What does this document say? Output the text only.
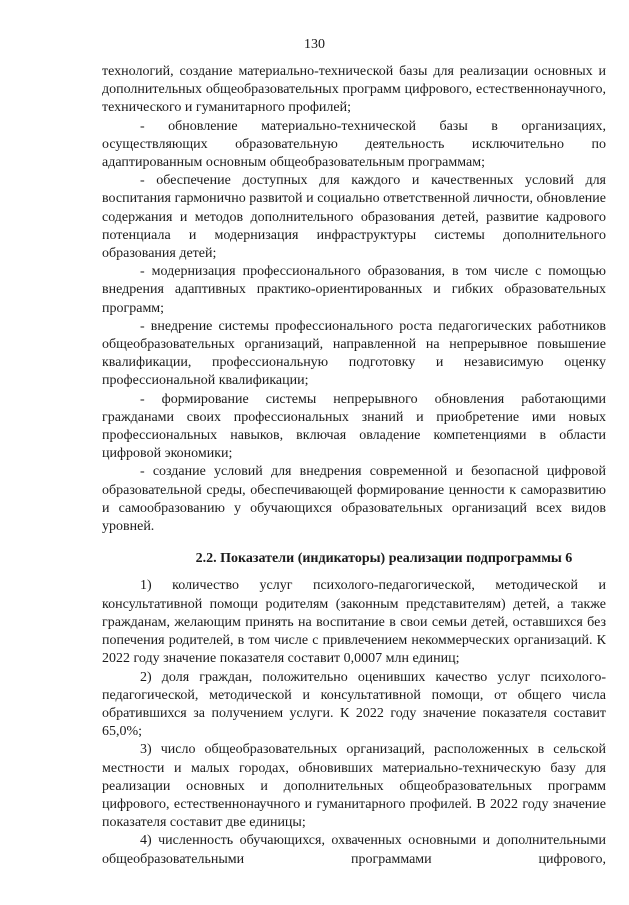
130

технологий, создание материально-технической базы для реализации основных и дополнительных общеобразовательных программ цифрового, естественнонаучного, технического и гуманитарного профилей;

- обновление материально-технической базы в организациях, осуществляющих образовательную деятельность исключительно по адаптированным основным общеобразовательным программам;

- обеспечение доступных для каждого и качественных условий для воспитания гармонично развитой и социально ответственной личности, обновление содержания и методов дополнительного образования детей, развитие кадрового потенциала и модернизация инфраструктуры системы дополнительного образования детей;

- модернизация профессионального образования, в том числе с помощью внедрения адаптивных практико-ориентированных и гибких образовательных программ;

- внедрение системы профессионального роста педагогических работников общеобразовательных организаций, направленной на непрерывное повышение квалификации, профессиональную подготовку и независимую оценку профессиональной квалификации;

- формирование системы непрерывного обновления работающими гражданами своих профессиональных знаний и приобретение ими новых профессиональных навыков, включая овладение компетенциями в области цифровой экономики;

- создание условий для внедрения современной и безопасной цифровой образовательной среды, обеспечивающей формирование ценности к саморазвитию и самообразованию у обучающихся образовательных организаций всех видов уровней.

2.2. Показатели (индикаторы) реализации подпрограммы 6

1) количество услуг психолого-педагогической, методической и консультативной помощи родителям (законным представителям) детей, а также гражданам, желающим принять на воспитание в свои семьи детей, оставшихся без попечения родителей, в том числе с привлечением некоммерческих организаций. К 2022 году значение показателя составит 0,0007 млн единиц;

2) доля граждан, положительно оценивших качество услуг психолого-педагогической, методической и консультативной помощи, от общего числа обратившихся за получением услуги. К 2022 году значение показателя составит 65,0%;

3) число общеобразовательных организаций, расположенных в сельской местности и малых городах, обновивших материально-техническую базу для реализации основных и дополнительных общеобразовательных программ цифрового, естественнонаучного и гуманитарного профилей. В 2022 году значение показателя составит две единицы;

4) численность обучающихся, охваченных основными и дополнительными общеобразовательными программами цифрового,
